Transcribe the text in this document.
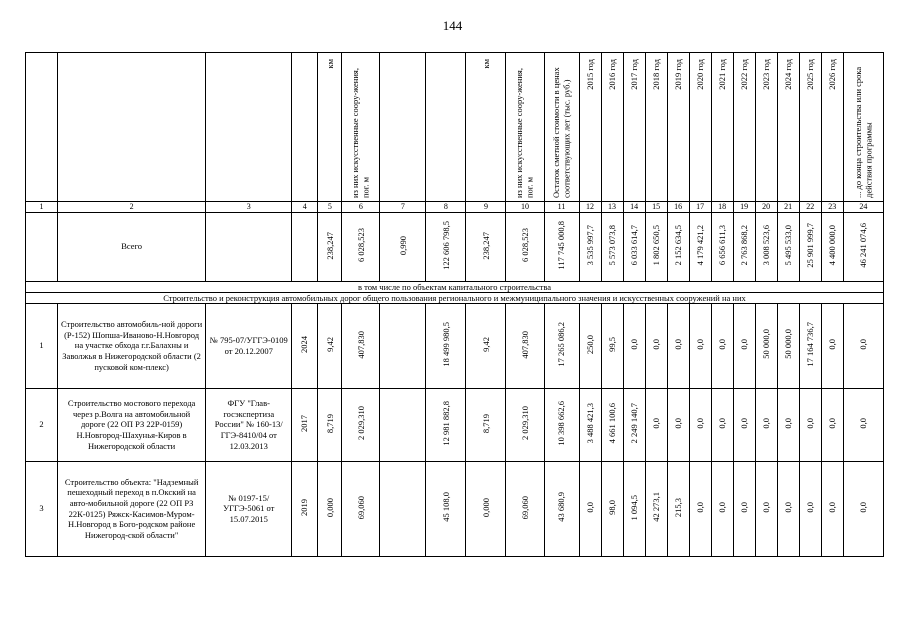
144
				км	из них искусственные соору-жения, пог. м			км	из них искусственные соору-жения, пог. м	Остаток сметной стоимости в ценах соответствующих лет (тыс. руб.)	2015 год	2016 год	2017 год	2018 год	2019 год	2020 год	2021 год	2022 год	2023 год	2024 год	2025 год	2026 год	... до конца строительства или срока действия программы
1	2	3	4	5	6	7	8	9	10	11	12	13	14	15	16	17	18	19	20	21	22	23	24
	Всего			238,247	6 028,523	0,990	122 606 798,5	238,247	6 028,523	117 745 000,8	3 535 997,7	5 573 073,8	6 033 614,7	1 802 650,5	2 152 634,5	4 179 421,2	6 656 611,3	2 763 868,2	3 008 523,6	5 495 533,0	25 901 999,7	4 400 000,0	46 241 074,6
в том числе по объектам капитального строительства																							
Строительство и реконструкция автомобильных дорог общего пользования регионального и межмуниципального значения и искусственных сооружений на них																							
1	Строительство автомобиль-ной дороги (Р-152) Шопша-Иваново-Н.Новгород на участке обхода г.г.Балахны и Заволжья в Нижегородской области (2 пусковой ком-плекс)	№ 795-07/УГГЭ-0109 от 20.12.2007	2024	9,42	407,830		18 499 980,5	9,42	407,830	17 265 086,2	250,0	99,5	0,0	0,0	0,0	0,0	0,0	0,0	50 000,0	50 000,0	17 164 736,7	0,0	0,0
2	Строительство мостового перехода через р.Волга на автомобильной дороге (22 ОП РЗ 22Р-0159) Н.Новгород-Шахунья-Киров в Нижегородской области	ФГУ "Глав-госэкспертиза России" № 160-13/ГГЭ-8410/04 от 12.03.2013	2017	8,719	2 029,310		12 981 882,8	8,719	2 029,310	10 398 662,6	3 488 421,3	4 661 100,6	2 249 140,7	0,0	0,0	0,0	0,0	0,0	0,0	0,0	0,0	0,0	0,0
3	Строительство объекта: "Надземный пешеходный переход в п.Окский на авто-мобильной дороге (22 ОП РЗ 22К-0125) Ряжск-Касимов-Муром-Н.Новгород в Бого-родском районе Нижегород-ской области"	№ 0197-15/УГГЭ-5061 от 15.07.2015	2019	0,000	69,060		45 108,0	0,000	69,060	43 680,9	0,0	98,0	1 094,5	42 273,1	215,3	0,0	0,0	0,0	0,0	0,0	0,0	0,0	0,0
